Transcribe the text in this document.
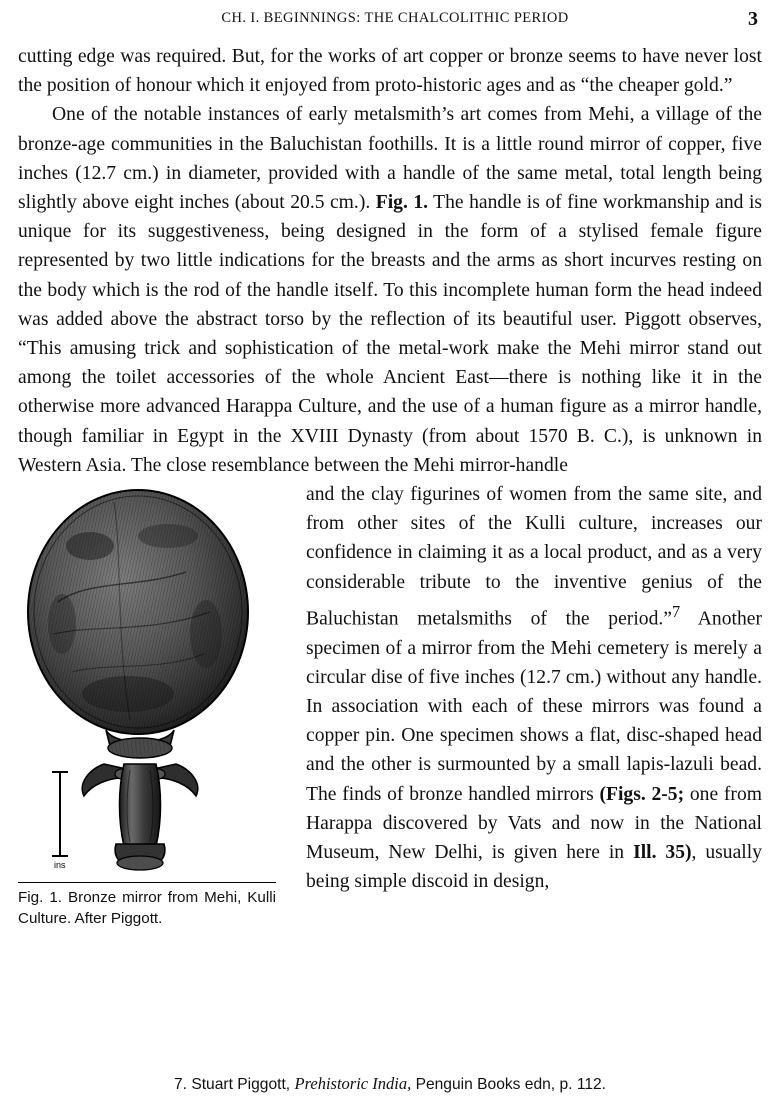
CH. I. BEGINNINGS: THE CHALCOLITHIC PERIOD	3

cutting edge was required. But, for the works of art copper or bronze seems to have never lost the position of honour which it enjoyed from proto-historic ages and as “the cheaper gold.”

One of the notable instances of early metalsmith’s art comes from Mehi, a village of the bronze-age communities in the Baluchistan foothills. It is a little round mirror of copper, five inches (12.7 cm.) in diameter, provided with a handle of the same metal, total length being slightly above eight inches (about 20.5 cm.). Fig. 1. The handle is of fine workmanship and is unique for its suggestiveness, being designed in the form of a stylised female figure represented by two little indications for the breasts and the arms as short incurves resting on the body which is the rod of the handle itself. To this incomplete human form the head indeed was added above the abstract torso by the reflection of its beautiful user. Piggott observes, “This amusing trick and sophistication of the metal-work make the Mehi mirror stand out among the toilet accessories of the whole Ancient East—there is nothing like it in the otherwise more advanced Harappa Culture, and the use of a human figure as a mirror handle, though familiar in Egypt in the XVIII Dynasty (from about 1570 B. C.), is unknown in Western Asia. The close resemblance between the Mehi mirror-handle

ins
Fig. 1. Bronze mirror from Mehi, Kulli Culture. After Piggott.

and the clay figurines of women from the same site, and from other sites of the Kulli culture, increases our confidence in claiming it as a local product, and as a very considerable tribute to the inventive genius of the Baluchistan metalsmiths of the period.”$^7$ Another specimen of a mirror from the Mehi cemetery is merely a circular dise of five inches (12.7 cm.) without any handle. In association with each of these mirrors was found a copper pin. One specimen shows a flat, disc-shaped head and the other is surmounted by a small lapis-lazuli bead. The finds of bronze handled mirrors (Figs. 2-5; one from Harappa discovered by Vats and now in the National Museum, New Delhi, is given here in Ill. 35), usually being simple discoid in design,

7. Stuart Piggott, Prehistoric India, Penguin Books edn, p. 112.
